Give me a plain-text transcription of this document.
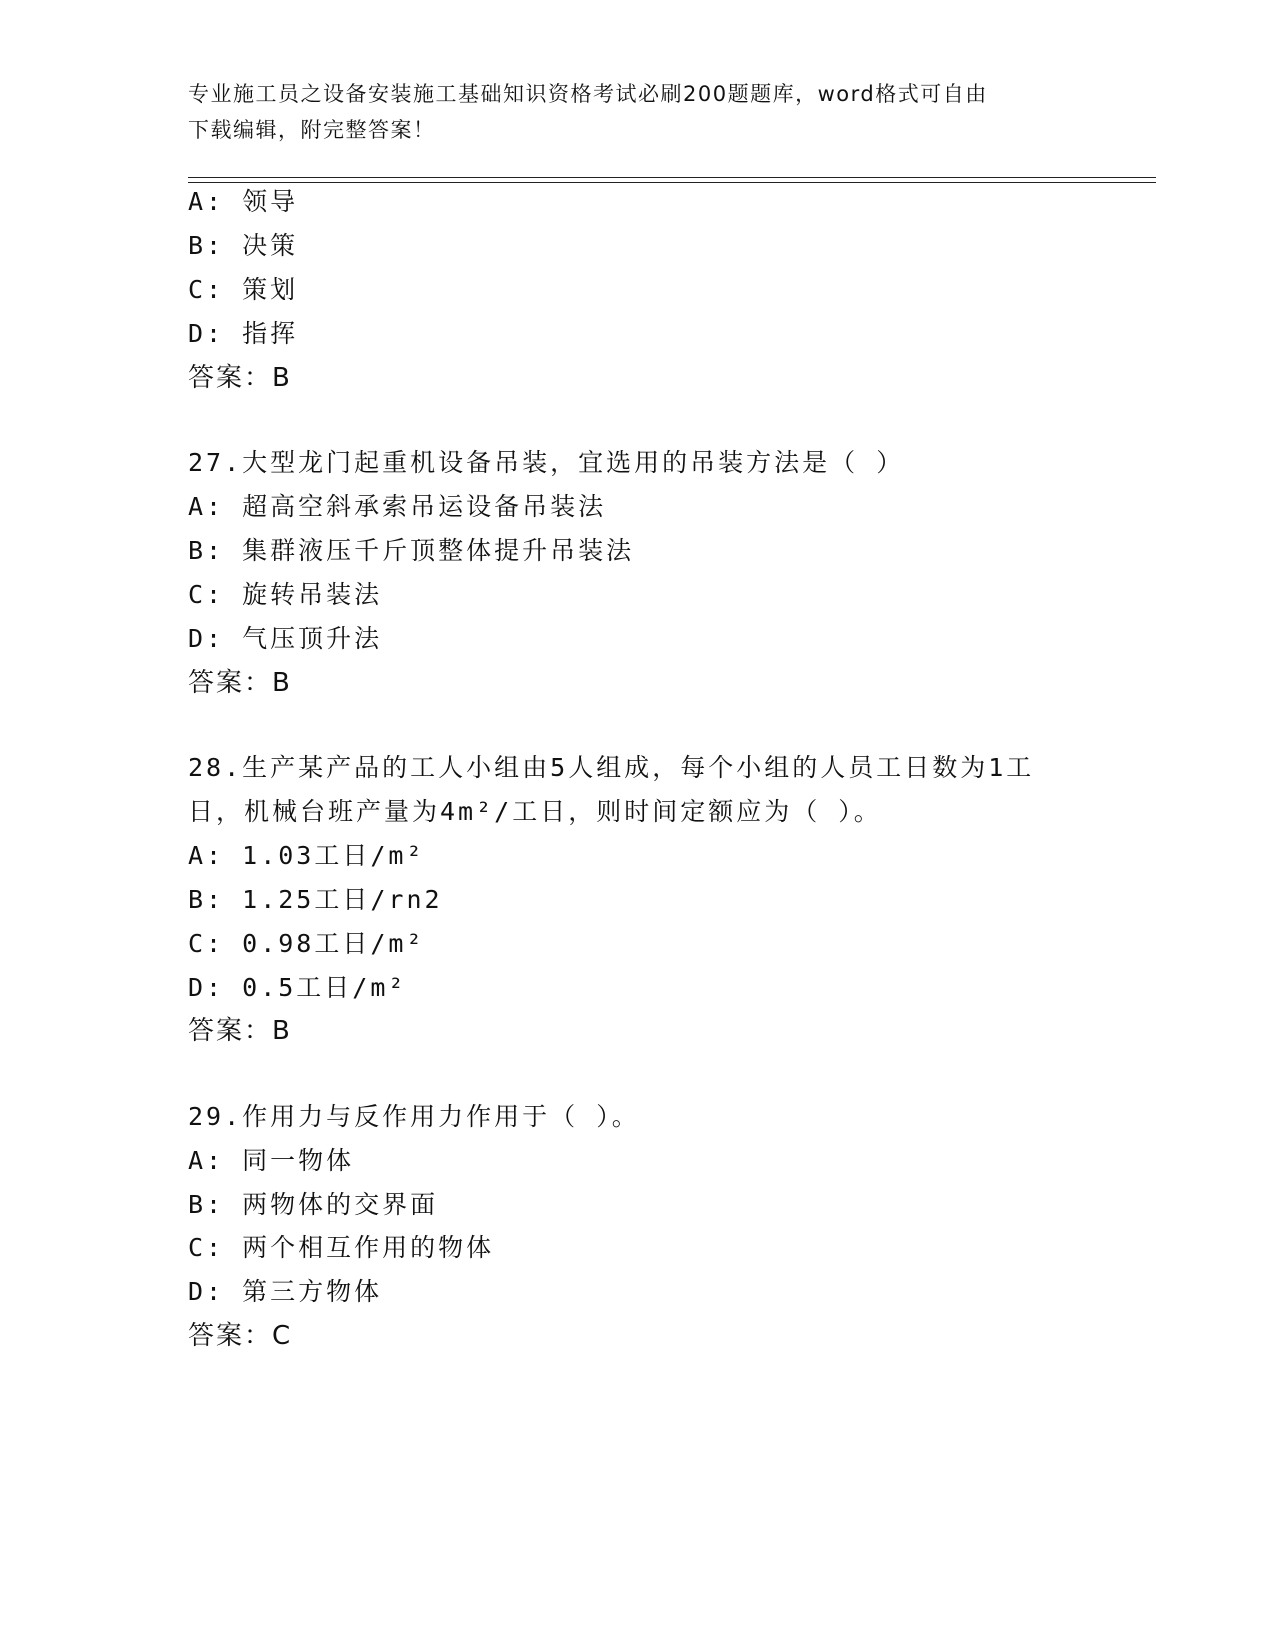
专业施工员之设备安装施工基础知识资格考试必刷200题题库，word格式可自由
下载编辑，附完整答案！
A: 领导
B: 决策
C: 策划
D: 指挥
答案：B
27.大型龙门起重机设备吊装，宜选用的吊装方法是（ ）
A: 超高空斜承索吊运设备吊装法
B: 集群液压千斤顶整体提升吊装法
C: 旋转吊装法
D: 气压顶升法
答案：B
28.生产某产品的工人小组由5人组成，每个小组的人员工日数为1工
日，机械台班产量为4m²/工日，则时间定额应为（ ）。
A: 1.03工日/m²
B: 1.25工日/rn2
C: 0.98工日/m²
D: 0.5工日/m²
答案：B
29.作用力与反作用力作用于（ ）。
A: 同一物体
B: 两物体的交界面
C: 两个相互作用的物体
D: 第三方物体
答案：C
